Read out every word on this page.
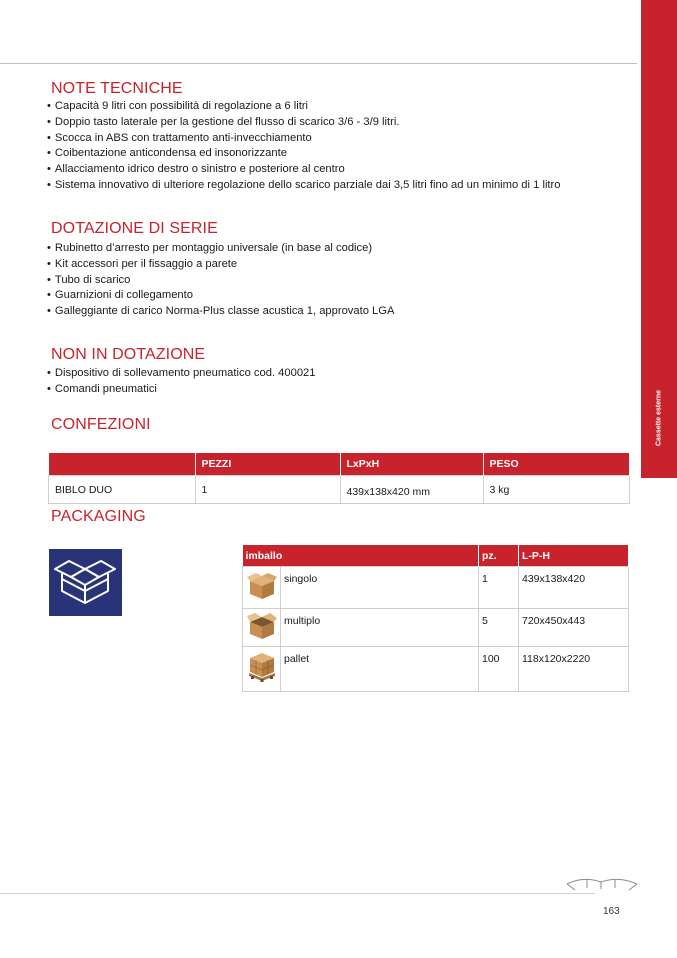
Cassette esterne
NOTE TECNICHE
• Capacità 9 litri con possibilità di regolazione a 6 litri
• Doppio tasto laterale per la gestione del flusso di scarico 3/6 - 3/9 litri.
• Scocca in ABS con trattamento anti-invecchiamento
• Coibentazione anticondensa ed insonorizzante
• Allacciamento idrico destro o sinistro e posteriore al centro
• Sistema innovativo di ulteriore regolazione dello scarico parziale dai 3,5 litri fino ad un minimo di 1 litro
DOTAZIONE DI SERIE
• Rubinetto d’arresto per montaggio universale (in base al codice)
• Kit accessori per il fissaggio a parete
• Tubo di scarico
• Guarnizioni di collegamento
• Galleggiante di carico Norma-Plus classe acustica 1, approvato LGA
NON IN DOTAZIONE
• Dispositivo di sollevamento pneumatico cod. 400021
• Comandi pneumatici
CONFEZIONI
	PEZZI	LxPxH	PESO
BIBLO DUO	1	439x138x420 mm	3 kg
PACKAGING
imballo		pz.	L-P-H
	singolo	1	439x138x420
	multiplo	5	720x450x443
	pallet	100	118x120x2220
163
